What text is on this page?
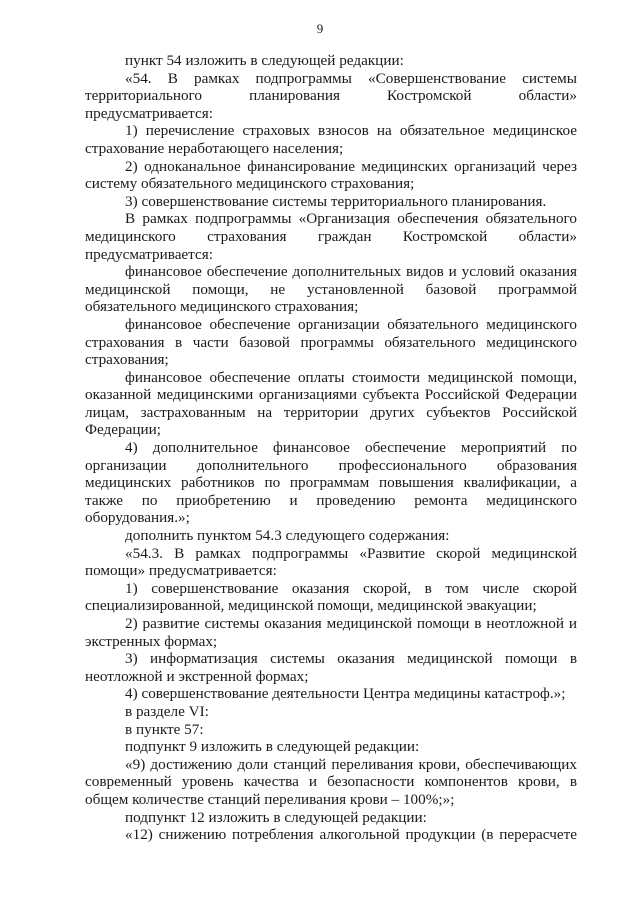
9

пункт 54 изложить в следующей редакции:

«54. В рамках подпрограммы «Совершенствование системы территориального планирования Костромской области» предусматривается:

1) перечисление страховых взносов на обязательное медицинское страхование неработающего населения;

2) одноканальное финансирование медицинских организаций через систему обязательного медицинского страхования;

3) совершенствование системы территориального планирования.

В рамках подпрограммы «Организация обеспечения обязательного медицинского страхования граждан Костромской области» предусматривается:

финансовое обеспечение дополнительных видов и условий оказания медицинской помощи, не установленной базовой программой обязательного медицинского страхования;

финансовое обеспечение организации обязательного медицинского страхования в части базовой программы обязательного медицинского страхования;

финансовое обеспечение оплаты стоимости медицинской помощи, оказанной медицинскими организациями субъекта Российской Федерации лицам, застрахованным на территории других субъектов Российской Федерации;

4) дополнительное финансовое обеспечение мероприятий по организации дополнительного профессионального образования медицинских работников по программам повышения квалификации, а также по приобретению и проведению ремонта медицинского оборудования.»;

дополнить пунктом 54.3 следующего содержания:

«54.3. В рамках подпрограммы «Развитие скорой медицинской помощи» предусматривается:

1) совершенствование оказания скорой, в том числе скорой специализированной, медицинской помощи, медицинской эвакуации;

2) развитие системы оказания медицинской помощи в неотложной и экстренных формах;

3) информатизация системы оказания медицинской помощи в неотложной и экстренной формах;

4) совершенствование деятельности Центра медицины катастроф.»;

в разделе VI:

в пункте 57:

подпункт 9 изложить в следующей редакции:

«9) достижению доли станций переливания крови, обеспечивающих современный уровень качества и безопасности компонентов крови, в общем количестве станций переливания крови – 100%;»;

подпункт 12 изложить в следующей редакции:

«12) снижению потребления алкогольной продукции (в перерасчете
